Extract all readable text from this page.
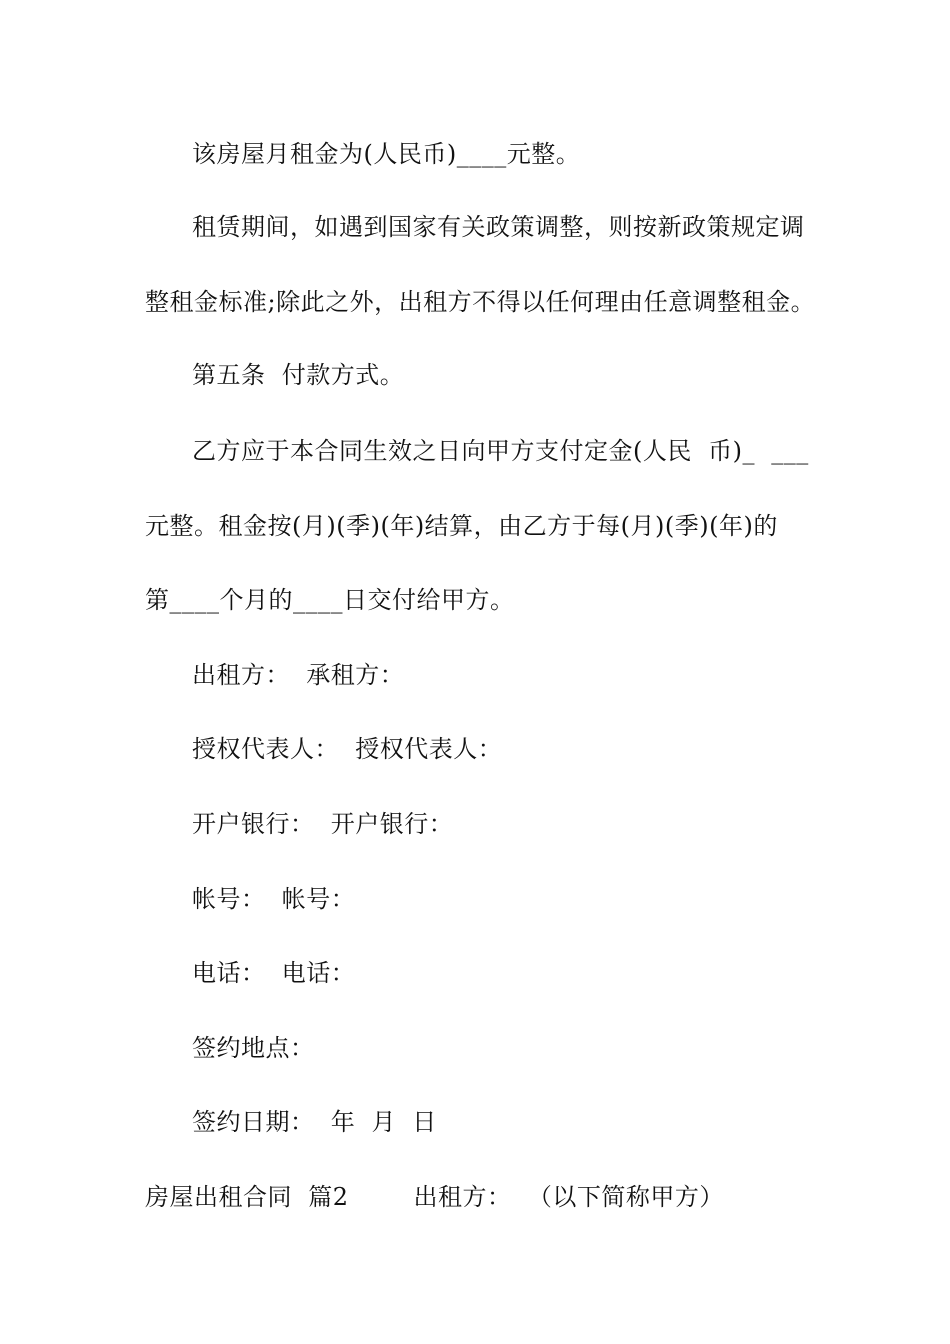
该房屋月租金为(人民币)____元整。
租赁期间，如遇到国家有关政策调整，则按新政策规定调
整租金标准;除此之外，出租方不得以任何理由任意调整租金。
第五条  付款方式。
乙方应于本合同生效之日向甲方支付定金(人民  币)_  ___
元整。租金按(月)(季)(年)结算，由乙方于每(月)(季)(年)的
第____个月的____日交付给甲方。
出租方：  承租方：
授权代表人：  授权代表人：
开户银行：  开户银行：
帐号：  帐号：
电话：  电话：
签约地点：
签约日期：  年  月  日
房屋出租合同  篇2        出租方：  （以下简称甲方）
